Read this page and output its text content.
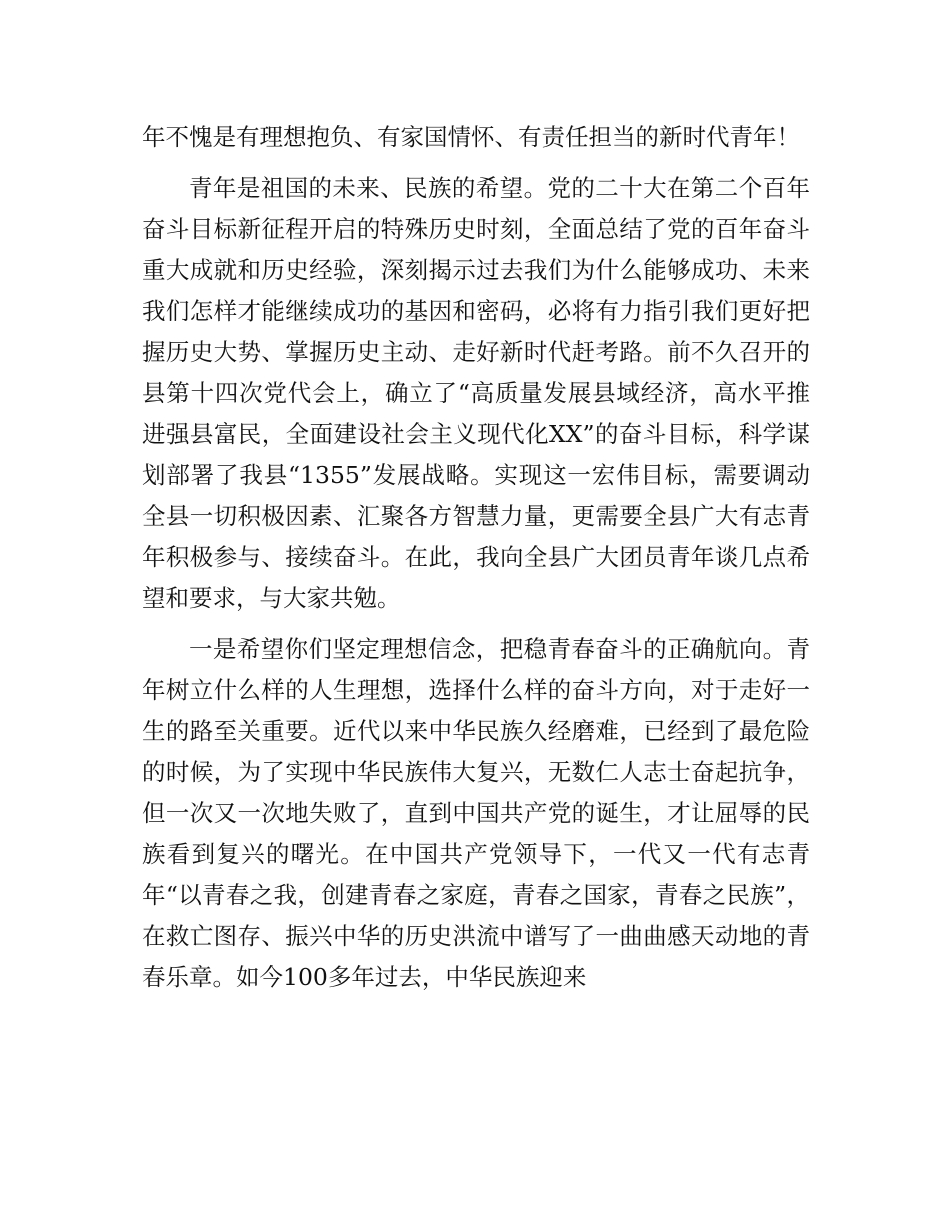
年不愧是有理想抱负、有家国情怀、有责任担当的新时代青年！

青年是祖国的未来、民族的希望。党的二十大在第二个百年奋斗目标新征程开启的特殊历史时刻，全面总结了党的百年奋斗重大成就和历史经验，深刻揭示过去我们为什么能够成功、未来我们怎样才能继续成功的基因和密码，必将有力指引我们更好把握历史大势、掌握历史主动、走好新时代赶考路。前不久召开的县第十四次党代会上，确立了“高质量发展县域经济，高水平推进强县富民，全面建设社会主义现代化XX”的奋斗目标，科学谋划部署了我县“1355”发展战略。实现这一宏伟目标，需要调动全县一切积极因素、汇聚各方智慧力量，更需要全县广大有志青年积极参与、接续奋斗。在此，我向全县广大团员青年谈几点希望和要求，与大家共勉。

一是希望你们坚定理想信念，把稳青春奋斗的正确航向。青年树立什么样的人生理想，选择什么样的奋斗方向，对于走好一生的路至关重要。近代以来中华民族久经磨难，已经到了最危险的时候，为了实现中华民族伟大复兴，无数仁人志士奋起抗争，但一次又一次地失败了，直到中国共产党的诞生，才让屈辱的民族看到复兴的曙光。在中国共产党领导下，一代又一代有志青年“以青春之我，创建青春之家庭，青春之国家，青春之民族”，在救亡图存、振兴中华的历史洪流中谱写了一曲曲感天动地的青春乐章。如今100多年过去，中华民族迎来
